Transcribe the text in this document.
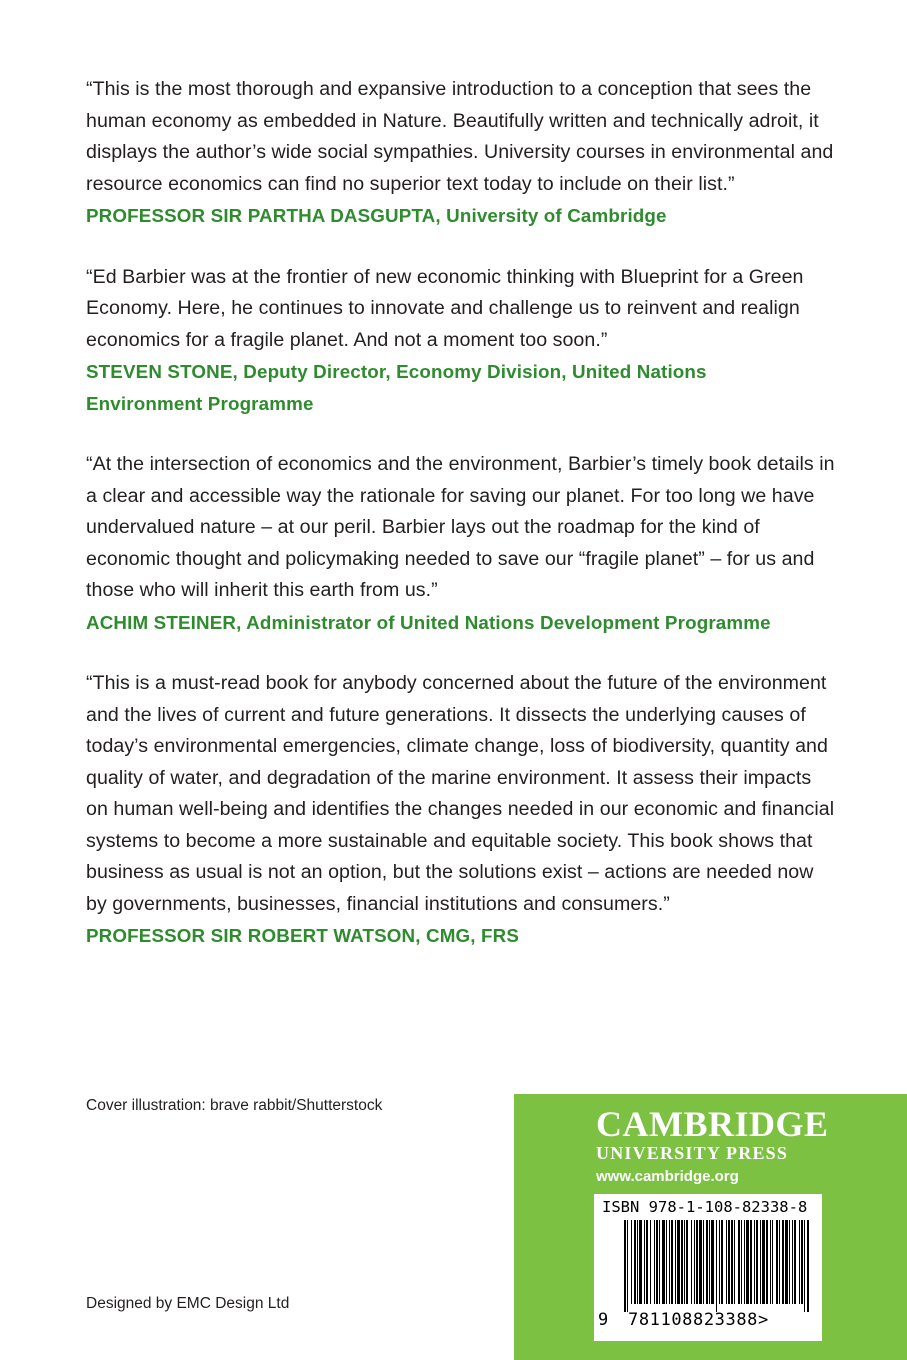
“This is the most thorough and expansive introduction to a conception that sees the human economy as embedded in Nature. Beautifully written and technically adroit, it displays the author’s wide social sympathies. University courses in environmental and resource economics can find no superior text today to include on their list.”

PROFESSOR SIR PARTHA DASGUPTA, University of Cambridge

“Ed Barbier was at the frontier of new economic thinking with Blueprint for a Green Economy. Here, he continues to innovate and challenge us to reinvent and realign economics for a fragile planet. And not a moment too soon.”

STEVEN STONE, Deputy Director, Economy Division, United Nations Environment Programme

“At the intersection of economics and the environment, Barbier’s timely book details in a clear and accessible way the rationale for saving our planet. For too long we have undervalued nature – at our peril. Barbier lays out the roadmap for the kind of economic thought and policymaking needed to save our “fragile planet” – for us and those who will inherit this earth from us.”

ACHIM STEINER, Administrator of United Nations Development Programme

“This is a must-read book for anybody concerned about the future of the environment and the lives of current and future generations. It dissects the underlying causes of today’s environmental emergencies, climate change, loss of biodiversity, quantity and quality of water, and degradation of the marine environment. It assess their impacts on human well-being and identifies the changes needed in our economic and financial systems to become a more sustainable and equitable society. This book shows that business as usual is not an option, but the solutions exist – actions are needed now by governments, businesses, financial institutions and consumers.”

PROFESSOR SIR ROBERT WATSON, CMG, FRS

Cover illustration: brave rabbit/Shutterstock
Designed by EMC Design Ltd
CAMBRIDGE
UNIVERSITY PRESS
www.cambridge.org
ISBN 978-1-108-82338-8
9 781108823388>
